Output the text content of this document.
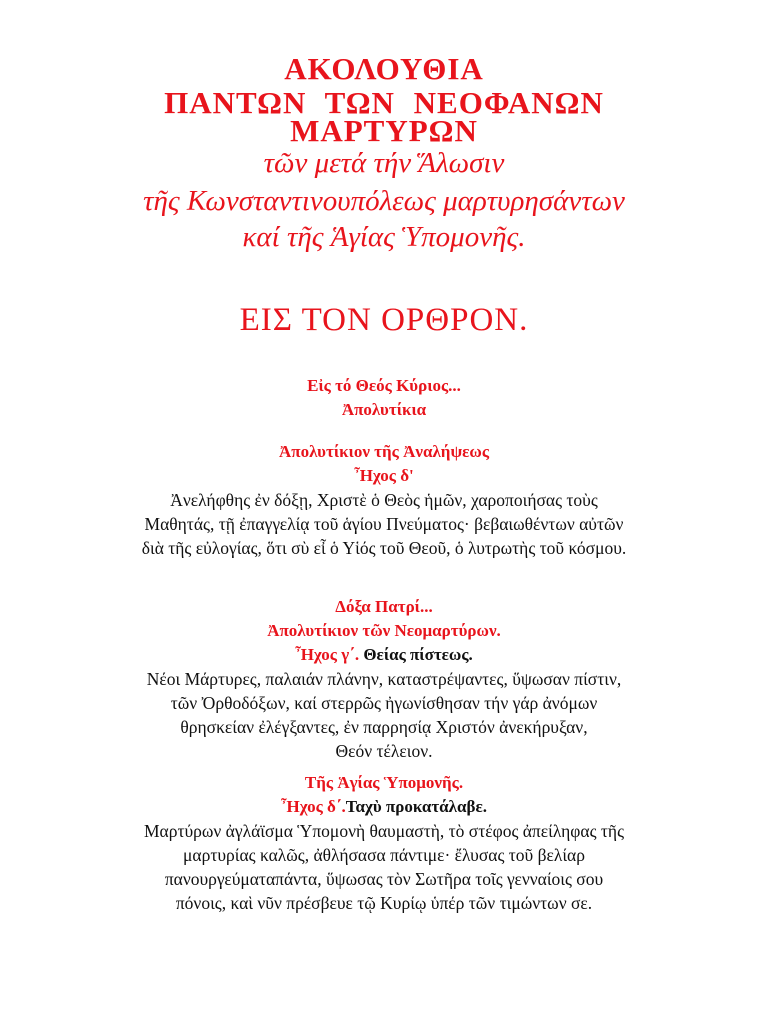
ΑΚΟΛΟΥΘΙΑ
ΠΑΝΤΩΝ ΤΩΝ ΝΕΟΦΑΝΩΝ
ΜΑΡΤΥΡΩΝ
τῶν μετά τήν Ἅλωσιν
τῆς Κωνσταντινουπόλεως μαρτυρησάντων
καί τῆς Ἁγίας Ὑπομονῆς.
ΕΙΣ ΤΟΝ ΟΡΘΡΟΝ.
Εἰς τό Θεός Κύριος...
Ἀπολυτίκια
Ἀπολυτίκιον τῆς Ἀναλήψεως
Ἦχος δ'
Ἀνελήφθης ἐν δόξῃ, Χριστὲ ὁ Θεὸς ἡμῶν, χαροποιήσας τοὺς
Μαθητάς, τῇ ἐπαγγελίᾳ τοῦ ἁγίου Πνεύματος· βεβαιωθέντων αὐτῶν
διὰ τῆς εὐλογίας, ὅτι σὺ εἶ ὁ Υἱός τοῦ Θεοῦ, ὁ λυτρωτὴς τοῦ κόσμου.
Δόξα Πατρί...
Ἀπολυτίκιον τῶν Νεομαρτύρων.
Ἦχος γ΄. Θείας πίστεως.
Νέοι Μάρτυρες, παλαιάν πλάνην, καταστρέψαντες, ὕψωσαν πίστιν,
τῶν Ὀρθοδόξων, καί στερρῶς ἠγωνίσθησαν τήν γάρ ἀνόμων
θρησκείαν ἐλέγξαντες, ἐν παρρησίᾳ Χριστόν ἀνεκήρυξαν,
Θεόν τέλειον.
Τῆς Ἁγίας Ὑπομονῆς.
Ἦχος δ΄.Ταχὺ προκατάλαβε.
Μαρτύρων ἀγλάϊσμα Ὑπομονὴ θαυμαστὴ, τὸ στέφος ἀπείληφας τῆς
μαρτυρίας καλῶς, ἀθλήσασα πάντιμε· ἔλυσας τοῦ βελίαρ
πανουργεύματαπάντα, ὕψωσας τὸν Σωτῆρα τοῖς γενναίοις σου
πόνοις, καὶ νῦν πρέσβευε τῷ Κυρίῳ ὑπέρ τῶν τιμώντων σε.
